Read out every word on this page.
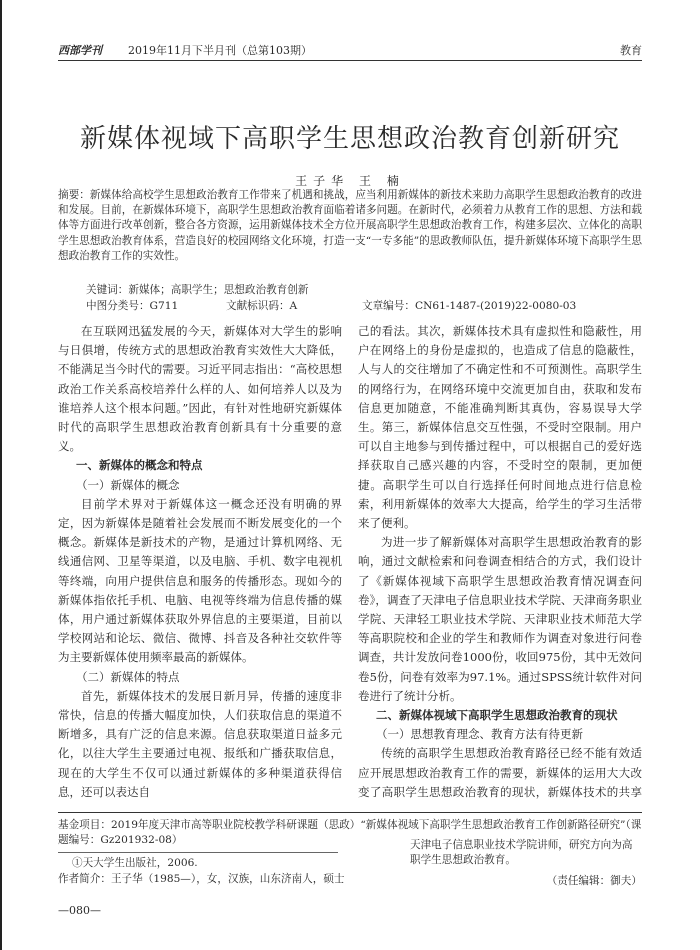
西部学刊 2019年11月下半月刊（总第103期）	教育
新媒体视域下高职学生思想政治教育创新研究
王子华 王 楠
摘要：新媒体给高校学生思想政治教育工作带来了机遇和挑战，应当利用新媒体的新技术来助力高职学生思想政治教育的改进和发展。目前，在新媒体环境下，高职学生思想政治教育面临着诸多问题。在新时代，必须着力从教育工作的思想、方法和载体等方面进行改革创新，整合各方资源，运用新媒体技术全方位开展高职学生思想政治教育工作，构建多层次、立体化的高职学生思想政治教育体系，营造良好的校园网络文化环境，打造一支“一专多能”的思政教师队伍，提升新媒体环境下高职学生思想政治教育工作的实效性。
关键词：新媒体；高职学生；思想政治教育创新
中图分类号：G711	文献标识码：A	文章编号：CN61-1487-(2019)22-0080-03

在互联网迅猛发展的今天，新媒体对大学生的影响与日俱增，传统方式的思想政治教育实效性大大降低，不能满足当今时代的需要。习近平同志指出：“高校思想政治工作关系高校培养什么样的人、如何培养人以及为谁培养人这个根本问题。”因此，有针对性地研究新媒体时代的高职学生思想政治教育创新具有十分重要的意义。

一、新媒体的概念和特点

（一）新媒体的概念

目前学术界对于新媒体这一概念还没有明确的界定，因为新媒体是随着社会发展而不断发展变化的一个概念。新媒体是新技术的产物，是通过计算机网络、无线通信网、卫星等渠道，以及电脑、手机、数字电视机等终端，向用户提供信息和服务的传播形态。现如今的新媒体指依托手机、电脑、电视等终端为信息传播的媒体，用户通过新媒体获取外界信息的主要渠道，目前以学校网站和论坛、微信、微博、抖音及各种社交软件等为主要新媒体使用频率最高的新媒体。

（二）新媒体的特点

首先，新媒体技术的发展日新月异，传播的速度非常快，信息的传播大幅度加快，人们获取信息的渠道不断增多，具有广泛的信息来源。信息获取渠道日益多元化，以往大学生主要通过电视、报纸和广播获取信息，现在的大学生不仅可以通过新媒体的多种渠道获得信息，还可以表达自

己的看法。其次，新媒体技术具有虚拟性和隐蔽性，用户在网络上的身份是虚拟的，也造成了信息的隐蔽性，人与人的交往增加了不确定性和不可预测性。高职学生的网络行为，在网络环境中交流更加自由，获取和发布信息更加随意，不能准确判断其真伪，容易误导大学生。第三，新媒体信息交互性强，不受时空限制。用户可以自主地参与到传播过程中，可以根据自己的爱好选择获取自己感兴趣的内容，不受时空的限制，更加便捷。高职学生可以自行选择任何时间地点进行信息检索，利用新媒体的效率大大提高，给学生的学习生活带来了便利。

为进一步了解新媒体对高职学生思想政治教育的影响，通过文献检索和问卷调查相结合的方式，我们设计了《新媒体视域下高职学生思想政治教育情况调查问卷》，调查了天津电子信息职业技术学院、天津商务职业学院、天津轻工职业技术学院、天津职业技术师范大学等高职院校和企业的学生和教师作为调查对象进行问卷调查，共计发放问卷1000份，收回975份，其中无效问卷5份，问卷有效率为97.1%。通过SPSS统计软件对问卷进行了统计分析。

二、新媒体视域下高职学生思想政治教育的现状

（一）思想教育理念、教育方法有待更新

传统的高职学生思想政治教育路径已经不能有效适应开展思想政治教育工作的需要，新媒体的运用大大改变了高职学生思想政治教育的现状，新媒体技术的共享

基金项目：2019年度天津市高等职业院校教学科研课题（思政）“新媒体视域下高职学生思想政治教育工作创新路径研究”（课题编号：Gz201932-08）
①天大学生出版社，2006.
作者简介：王子华（1985—），女，汉族，山东济南人，硕士
天津电子信息职业技术学院讲师，研究方向为高职学生思想政治教育。
（责任编辑：御夫）
—080—
